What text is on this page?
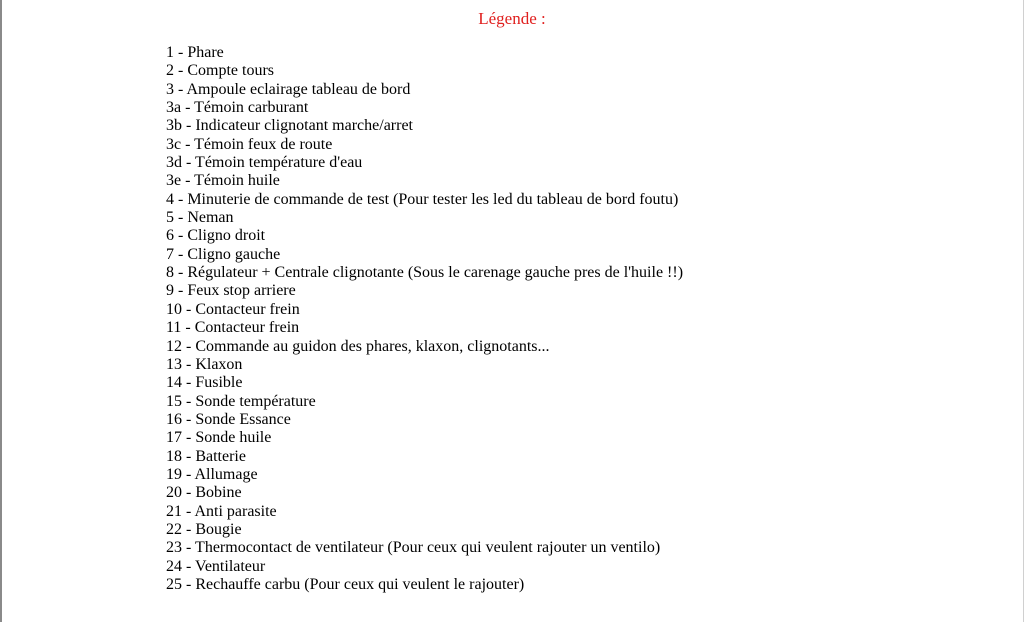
Légende :
1 - Phare
2 - Compte tours
3 - Ampoule eclairage tableau de bord
3a - Témoin carburant
3b - Indicateur clignotant marche/arret
3c - Témoin feux de route
3d - Témoin température d'eau
3e - Témoin huile
4 - Minuterie de commande de test (Pour tester les led du tableau de bord foutu)
5 - Neman
6 - Cligno droit
7 - Cligno gauche
8 - Régulateur + Centrale clignotante (Sous le carenage gauche pres de l'huile !!)
9 - Feux stop arriere
10 - Contacteur frein
11 - Contacteur frein
12 - Commande au guidon des phares, klaxon, clignotants...
13 - Klaxon
14 - Fusible
15 - Sonde température
16 - Sonde Essance
17 - Sonde huile
18 - Batterie
19 - Allumage
20 - Bobine
21 - Anti parasite
22 - Bougie
23 - Thermocontact de ventilateur (Pour ceux qui veulent rajouter un ventilo)
24 - Ventilateur
25 - Rechauffe carbu (Pour ceux qui veulent le rajouter)
